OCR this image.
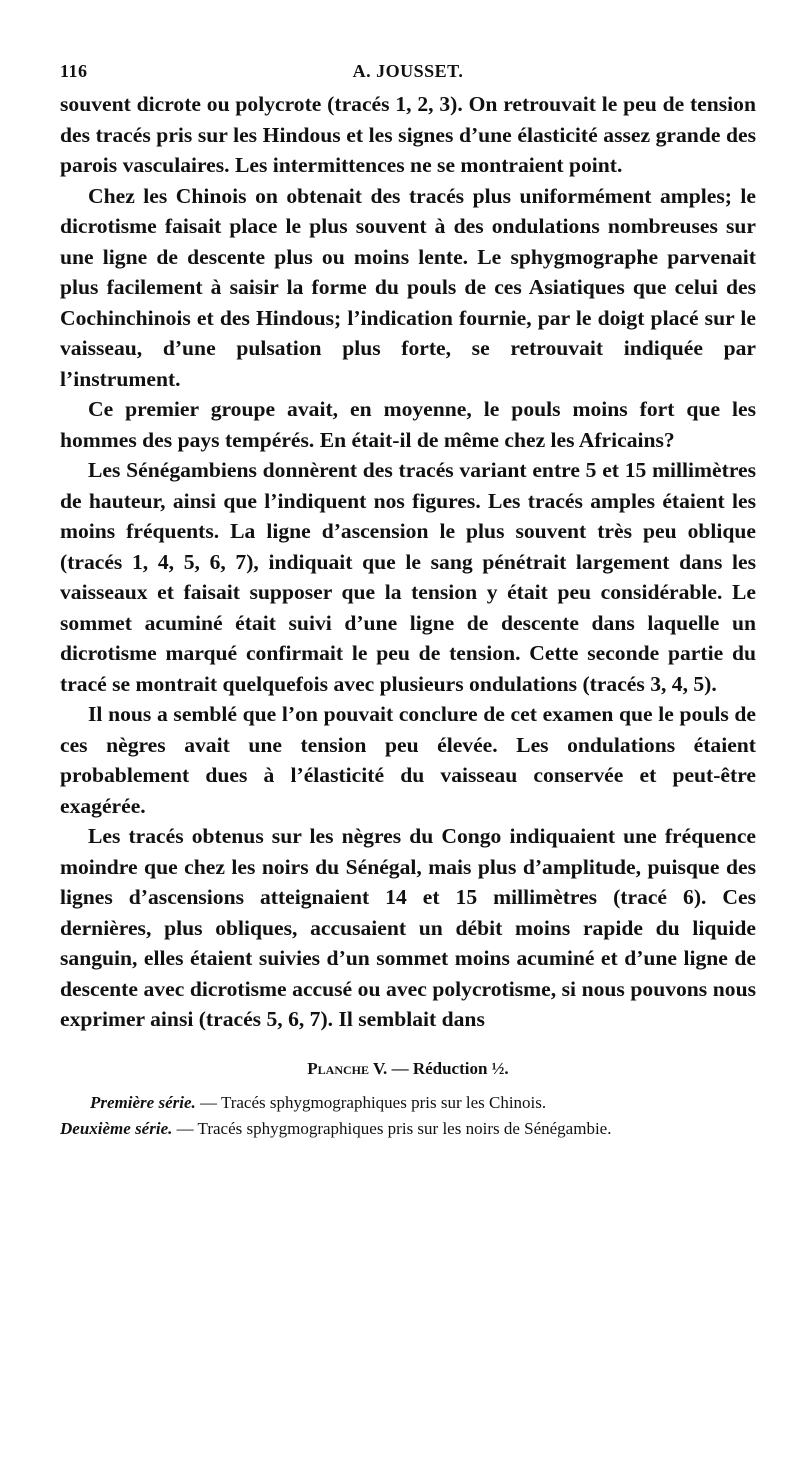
116	A. JOUSSET.

souvent dicrote ou polycrote (tracés 1, 2, 3). On retrouvait le peu de tension des tracés pris sur les Hindous et les signes d’une élasticité assez grande des parois vasculaires. Les intermittences ne se montraient point.

Chez les Chinois on obtenait des tracés plus uniformément amples; le dicrotisme faisait place le plus souvent à des ondulations nombreuses sur une ligne de descente plus ou moins lente. Le sphygmographe parvenait plus facilement à saisir la forme du pouls de ces Asiatiques que celui des Cochinchinois et des Hindous; l’indication fournie, par le doigt placé sur le vaisseau, d’une pulsation plus forte, se retrouvait indiquée par l’instrument.

Ce premier groupe avait, en moyenne, le pouls moins fort que les hommes des pays tempérés. En était-il de même chez les Africains?

Les Sénégambiens donnèrent des tracés variant entre 5 et 15 millimètres de hauteur, ainsi que l’indiquent nos figures. Les tracés amples étaient les moins fréquents. La ligne d’ascension le plus souvent très peu oblique (tracés 1, 4, 5, 6, 7), indiquait que le sang pénétrait largement dans les vaisseaux et faisait supposer que la tension y était peu considérable. Le sommet acuminé était suivi d’une ligne de descente dans laquelle un dicrotisme marqué confirmait le peu de tension. Cette seconde partie du tracé se montrait quelquefois avec plusieurs ondulations (tracés 3, 4, 5).

Il nous a semblé que l’on pouvait conclure de cet examen que le pouls de ces nègres avait une tension peu élevée. Les ondulations étaient probablement dues à l’élasticité du vaisseau conservée et peut-être exagérée.

Les tracés obtenus sur les nègres du Congo indiquaient une fréquence moindre que chez les noirs du Sénégal, mais plus d’amplitude, puisque des lignes d’ascensions atteignaient 14 et 15 millimètres (tracé 6). Ces dernières, plus obliques, accusaient un débit moins rapide du liquide sanguin, elles étaient suivies d’un sommet moins acuminé et d’une ligne de descente avec dicrotisme accusé ou avec polycrotisme, si nous pouvons nous exprimer ainsi (tracés 5, 6, 7). Il semblait dans

Planche V. — Réduction ½.
Première série. — Tracés sphygmographiques pris sur les Chinois.
Deuxième série. — Tracés sphygmographiques pris sur les noirs de Sénégambie.
